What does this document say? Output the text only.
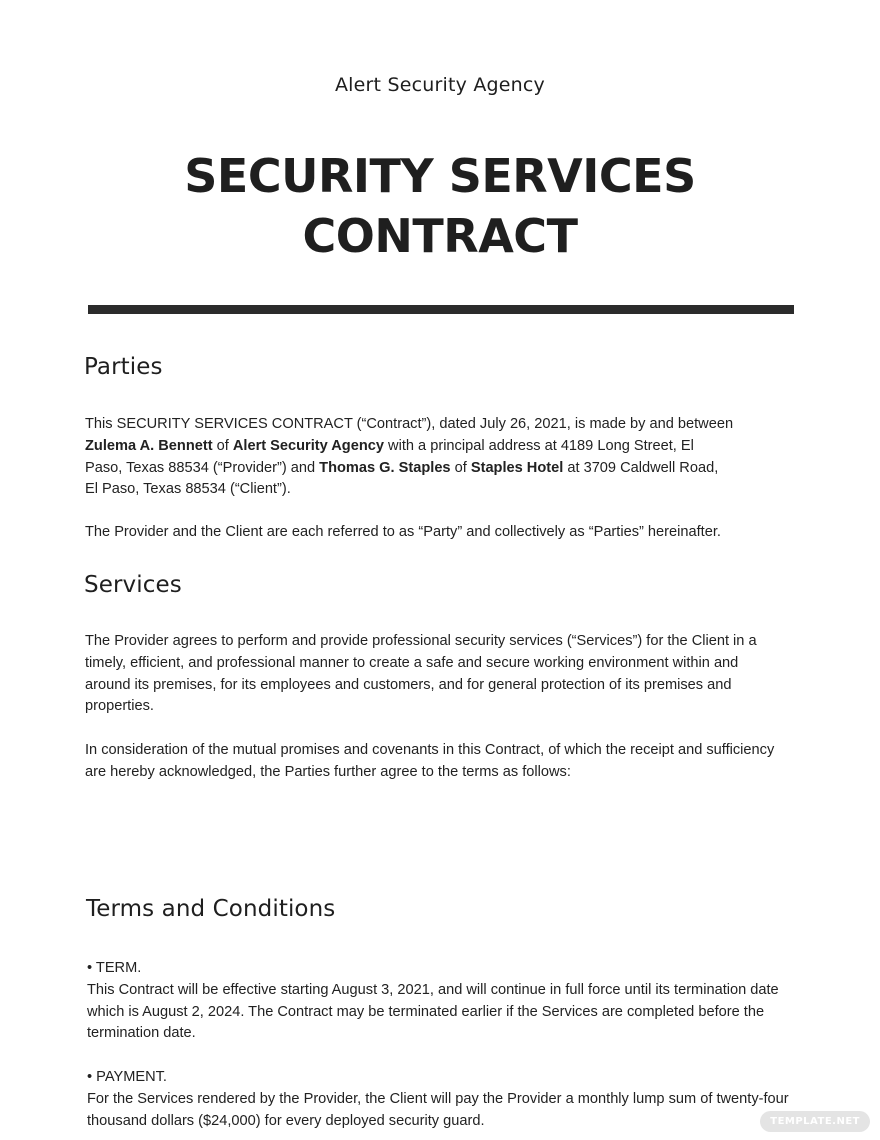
Alert Security Agency
SECURITY SERVICES
CONTRACT
Parties
This SECURITY SERVICES CONTRACT (“Contract”), dated July 26, 2021, is made by and between Zulema A. Bennett of Alert Security Agency with a principal address at 4189 Long Street, El Paso, Texas 88534 (“Provider”) and Thomas G. Staples of Staples Hotel at 3709 Caldwell Road, El Paso, Texas 88534 (“Client”).
The Provider and the Client are each referred to as “Party” and collectively as “Parties” hereinafter.
Services
The Provider agrees to perform and provide professional security services (“Services”) for the Client in a timely, efficient, and professional manner to create a safe and secure working environment within and around its premises, for its employees and customers, and for general protection of its premises and properties.
In consideration of the mutual promises and covenants in this Contract, of which the receipt and sufficiency are hereby acknowledged, the Parties further agree to the terms as follows:
Terms and Conditions
• TERM.
This Contract will be effective starting August 3, 2021, and will continue in full force until its termination date which is August 2, 2024. The Contract may be terminated earlier if the Services are completed before the termination date.
• PAYMENT.
For the Services rendered by the Provider, the Client will pay the Provider a monthly lump sum of twenty-four thousand dollars ($24,000) for every deployed security guard.	TEMPLATE.NET
